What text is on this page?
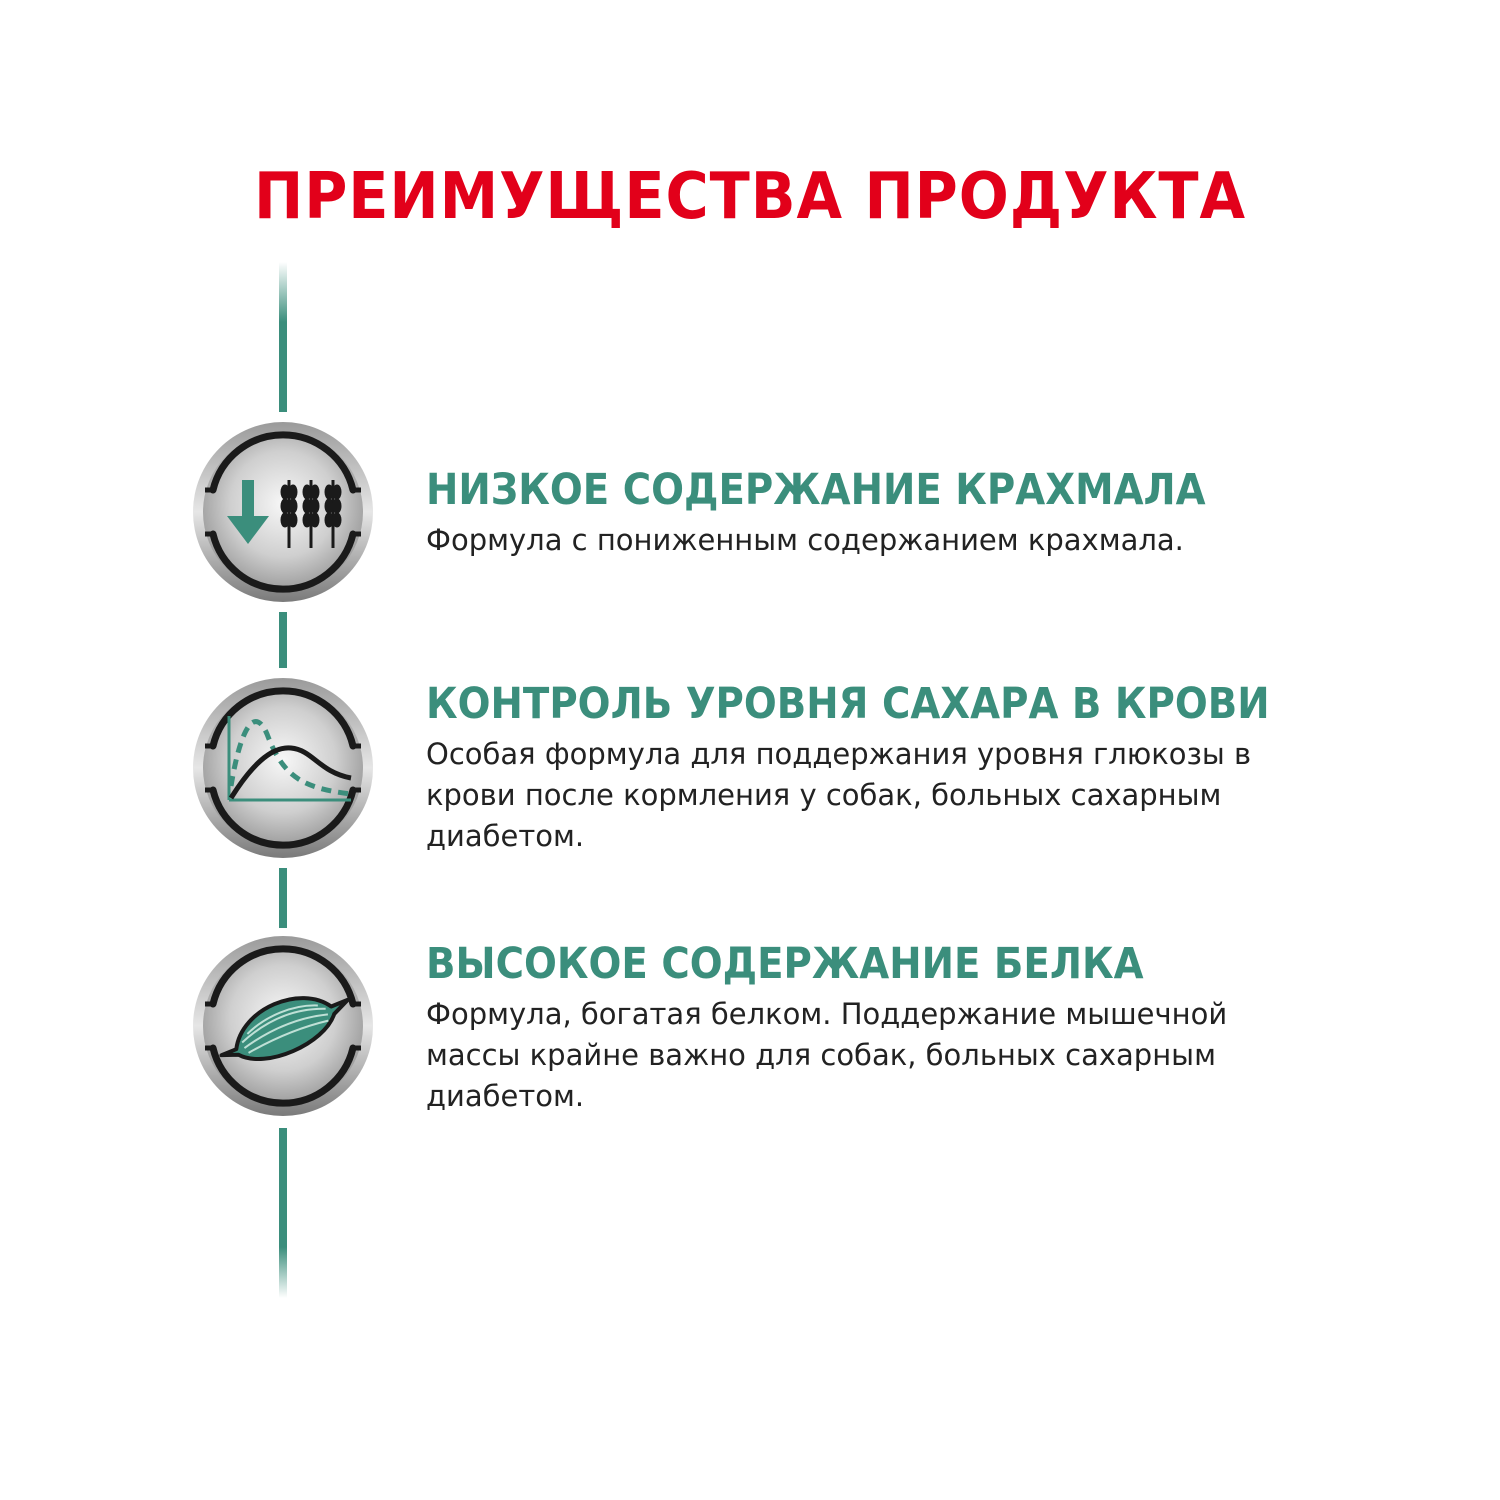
ПРЕИМУЩЕСТВА ПРОДУКТА
НИЗКОЕ СОДЕРЖАНИЕ КРАХМАЛА
Формула с пониженным содержанием крахмала.
КОНТРОЛЬ УРОВНЯ САХАРА В КРОВИ
Особая формула для поддержания уровня глюкозы в крови после кормления у собак, больных сахарным диабетом.
ВЫСОКОЕ СОДЕРЖАНИЕ БЕЛКА
Формула, богатая белком. Поддержание мышечной массы крайне важно для собак, больных сахарным диабетом.
